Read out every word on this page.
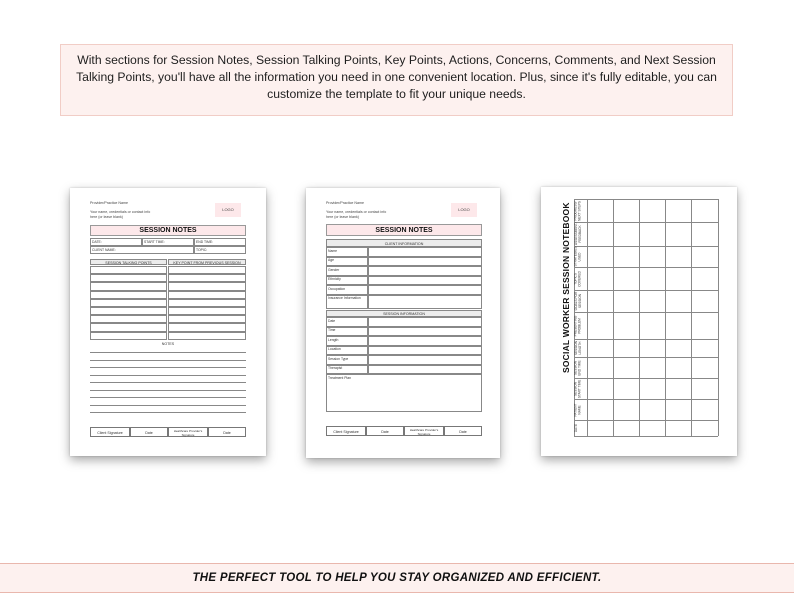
With sections for Session Notes, Session Talking Points, Key Points, Actions, Concerns, Comments, and Next Session
Talking Points, you'll have all the information you need in one convenient location. Plus, since it's fully editable, you can
customize the template to fit your unique needs.
Provider/Practice Name
Your name, credentials or contact info
here (or leave blank)
LOGO
SESSION NOTES
DATE:	START TIME:	END TIME:
CLIENT NAME:	TOPIC:
SESSION TALKING POINTS	KEY POINT FROM PREVIOUS SESSION
NOTES
Client Signature	Date	Healthcare Provider's Signature	Date
Provider/Practice Name
Your name, credentials or contact info
here (or leave blank)
LOGO
SESSION NOTES
CLIENT INFORMATION
Name
Age
Gender
Ethnicity
Occupation
Insurance Information
SESSION INFORMATION
Date
Time
Length
Location
Session Type
Therapist
Treatment Plan
Client Signature	Date	Healthcare Provider's Signature	Date
SOCIAL WORKER SESSION NOTEBOOK PROGRESS/ NEXT STEPS
ASSESSMENT/ FEEDBACK
STRATEGIES USED
TOPICS COVERED
GOALS FOR SESSION
PRESENTING PROBLEM
SESSION LENGTH
SESSION END TIME
SESSION START TIME
PATIENT NAME
DATE
THE PERFECT TOOL TO HELP YOU STAY ORGANIZED AND EFFICIENT.
